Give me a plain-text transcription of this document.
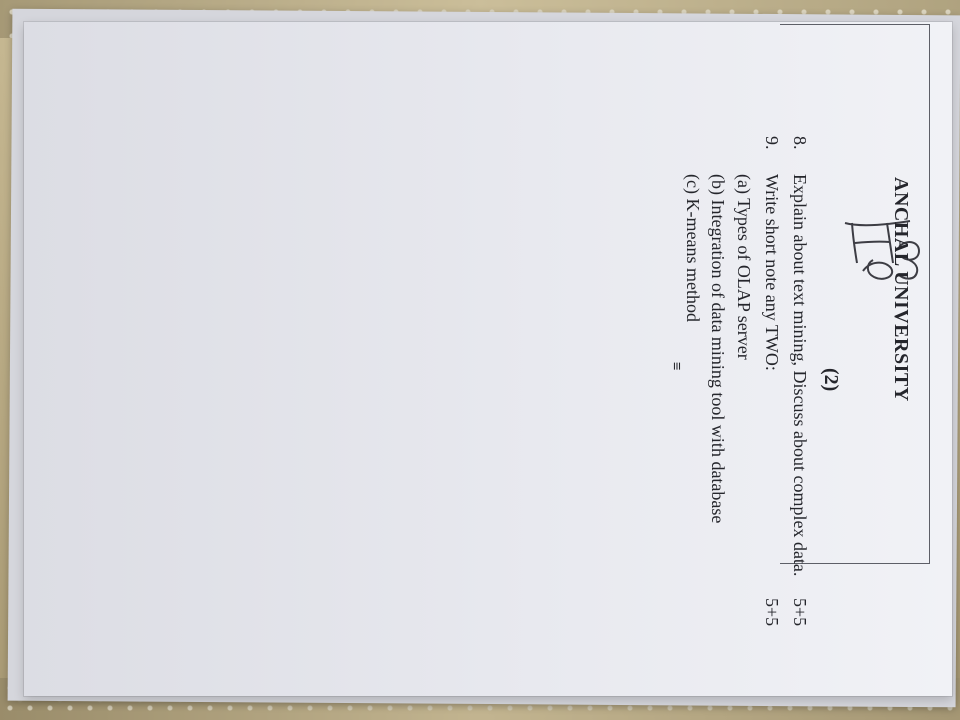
ANCHAL UNIVERSITY
(2)
8.
Explain about text mining, Discuss about complex data.
5+5
9.
Write short note any TWO:
5+5
(a) Types of OLAP server
(b) Integration of data mining tool with database
(c) K-means method
≡
